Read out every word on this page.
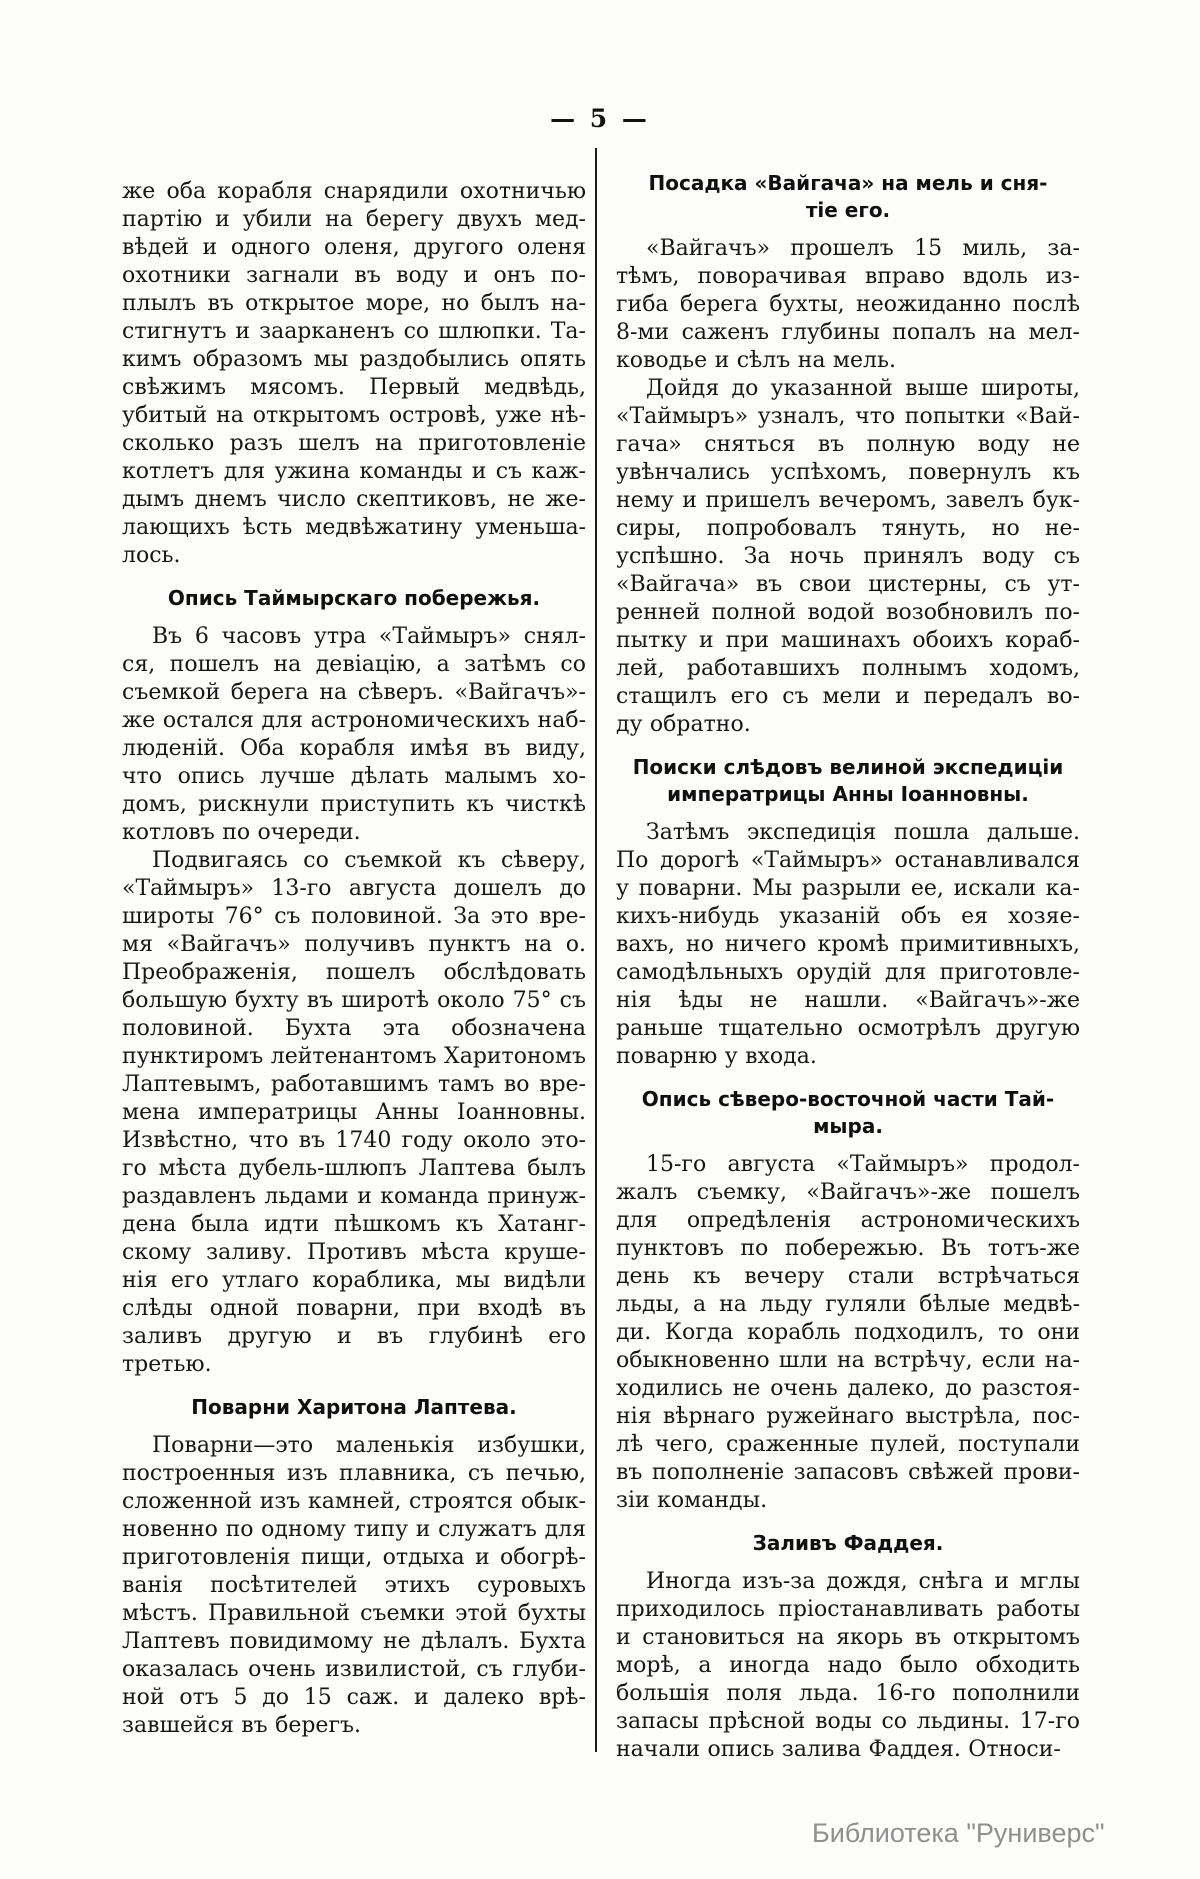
— 5 —

же оба корабля снарядили охотничью
партію и убили на берегу двухъ мед-
вѣдей и одного оленя, другого оленя
охотники загнали въ воду и онъ по-
плылъ въ открытое море, но былъ на-
стигнутъ и заарканенъ со шлюпки. Та-
кимъ образомъ мы раздобылись опять
свѣжимъ мясомъ. Первый медвѣдь,
убитый на открытомъ островѣ, уже нѣ-
сколько разъ шелъ на приготовленіе
котлетъ для ужина команды и съ каж-
дымъ днемъ число скептиковъ, не же-
лающихъ ѣсть медвѣжатину уменьша-
лось.

Опись Таймырскаго побережья.

Въ 6 часовъ утра «Таймыръ» снял-
ся, пошелъ на девіацію, а затѣмъ со
съемкой берега на сѣверъ. «Вайгачъ»-
же остался для астрономическихъ наб-
люденій. Оба корабля имѣя въ виду,
что опись лучше дѣлать малымъ хо-
домъ, рискнули приступить къ чисткѣ
котловъ по очереди.

Подвигаясь со съемкой къ сѣверу,
«Таймыръ» 13-го августа дошелъ до
широты 76° съ половиной. За это вре-
мя «Вайгачъ» получивъ пунктъ на о.
Преображенія, пошелъ обслѣдовать
большую бухту въ широтѣ около 75° съ
половиной. Бухта эта обозначена
пунктиромъ лейтенантомъ Харитономъ
Лаптевымъ, работавшимъ тамъ во вре-
мена императрицы Анны Іоанновны.
Извѣстно, что въ 1740 году около это-
го мѣста дубель-шлюпъ Лаптева былъ
раздавленъ льдами и команда принуж-
дена была идти пѣшкомъ къ Хатанг-
скому заливу. Противъ мѣста круше-
нія его утлаго кораблика, мы видѣли
слѣды одной поварни, при входѣ въ
заливъ другую и въ глубинѣ его
третью.

Поварни Харитона Лаптева.

Поварни—это маленькія избушки,
построенныя изъ плавника, съ печью,
сложенной изъ камней, строятся обык-
новенно по одному типу и служатъ для
приготовленія пищи, отдыха и обогрѣ-
ванія посѣтителей этихъ суровыхъ
мѣстъ. Правильной съемки этой бухты
Лаптевъ повидимому не дѣлалъ. Бухта
оказалась очень извилистой, съ глуби-
ной отъ 5 до 15 саж. и далеко врѣ-
завшейся въ берегъ.

Посадка «Вайгача» на мель и сня-
тіе его.

«Вайгачъ» прошелъ 15 миль, за-
тѣмъ, поворачивая вправо вдоль из-
гиба берега бухты, неожиданно послѣ
8-ми саженъ глубины попалъ на мел-
ководье и сѣлъ на мель.

Дойдя до указанной выше широты,
«Таймыръ» узналъ, что попытки «Вай-
гача» сняться въ полную воду не
увѣнчались успѣхомъ, повернулъ къ
нему и пришелъ вечеромъ, завелъ бук-
сиры, попробовалъ тянуть, но не-
успѣшно. За ночь принялъ воду съ
«Вайгача» въ свои цистерны, съ ут-
ренней полной водой возобновилъ по-
пытку и при машинахъ обоихъ кораб-
лей, работавшихъ полнымъ ходомъ,
стащилъ его съ мели и передалъ во-
ду обратно.

Поиски слѣдовъ велиной экспедиціи
императрицы Анны Іоанновны.

Затѣмъ экспедиція пошла дальше.
По дорогѣ «Таймыръ» останавливался
у поварни. Мы разрыли ее, искали ка-
кихъ-нибудь указаній объ ея хозяе-
вахъ, но ничего кромѣ примитивныхъ,
самодѣльныхъ орудій для приготовле-
нія ѣды не нашли. «Вайгачъ»-же
раньше тщательно осмотрѣлъ другую
поварню у входа.

Опись сѣверо-восточной части Тай-
мыра.

15-го августа «Таймыръ» продол-
жалъ съемку, «Вайгачъ»-же пошелъ
для опредѣленія астрономическихъ
пунктовъ по побережью. Въ тотъ-же
день къ вечеру стали встрѣчаться
льды, а на льду гуляли бѣлые медвѣ-
ди. Когда корабль подходилъ, то они
обыкновенно шли на встрѣчу, если на-
ходились не очень далеко, до разстоя-
нія вѣрнаго ружейнаго выстрѣла, пос-
лѣ чего, сраженные пулей, поступали
въ пополненіе запасовъ свѣжей прови-
зіи команды.

Заливъ Фаддея.

Иногда изъ-за дождя, снѣга и мглы
приходилось пріостанавливать работы
и становиться на якорь въ открытомъ
морѣ, а иногда надо было обходить
большія поля льда. 16-го пополнили
запасы прѣсной воды со льдины. 17-го
начали опись залива Фаддея. Относи-

Библиотека "Руниверс"
